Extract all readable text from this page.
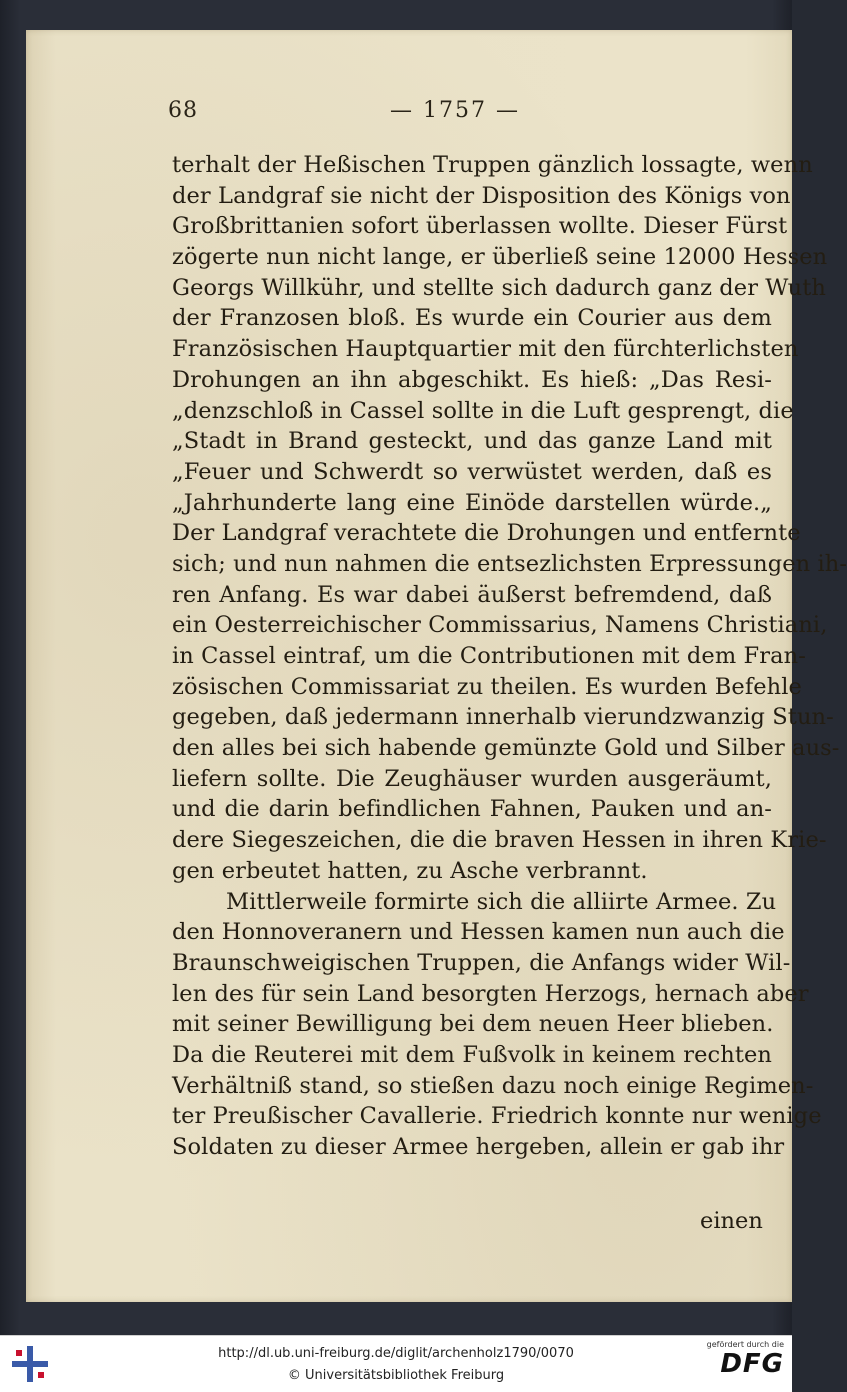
68	— 1757 —
terhalt der Heßischen Truppen gänzlich lossagte, wenn
der Landgraf sie nicht der Disposition des Königs von
Großbrittanien sofort überlassen wollte. Dieser Fürst
zögerte nun nicht lange, er überließ seine 12000 Hessen
Georgs Willkühr, und stellte sich dadurch ganz der Wuth
der Franzosen bloß. Es wurde ein Courier aus dem
Französischen Hauptquartier mit den fürchterlichsten
Drohungen an ihn abgeschikt. Es hieß: „Das Resi-
„denzschloß in Cassel sollte in die Luft gesprengt, die
„Stadt in Brand gesteckt, und das ganze Land mit
„Feuer und Schwerdt so verwüstet werden, daß es
„Jahrhunderte lang eine Einöde darstellen würde.„
Der Landgraf verachtete die Drohungen und entfernte
sich; und nun nahmen die entsezlichsten Erpressungen ih-
ren Anfang. Es war dabei äußerst befremdend, daß
ein Oesterreichischer Commissarius, Namens Christiani,
in Cassel eintraf, um die Contributionen mit dem Fran-
zösischen Commissariat zu theilen. Es wurden Befehle
gegeben, daß jedermann innerhalb vierundzwanzig Stun-
den alles bei sich habende gemünzte Gold und Silber aus-
liefern sollte. Die Zeughäuser wurden ausgeräumt,
und die darin befindlichen Fahnen, Pauken und an-
dere Siegeszeichen, die die braven Hessen in ihren Krie-
gen erbeutet hatten, zu Asche verbrannt.
Mittlerweile formirte sich die alliirte Armee. Zu
den Honnoveranern und Hessen kamen nun auch die
Braunschweigischen Truppen, die Anfangs wider Wil-
len des für sein Land besorgten Herzogs, hernach aber
mit seiner Bewilligung bei dem neuen Heer blieben.
Da die Reuterei mit dem Fußvolk in keinem rechten
Verhältniß stand, so stießen dazu noch einige Regimen-
ter Preußischer Cavallerie. Friedrich konnte nur wenige
Soldaten zu dieser Armee hergeben, allein er gab ihr
einen
http://dl.ub.uni-freiburg.de/diglit/archenholz1790/0070
© Universitätsbibliothek Freiburg
gefördert durch die
DFG
